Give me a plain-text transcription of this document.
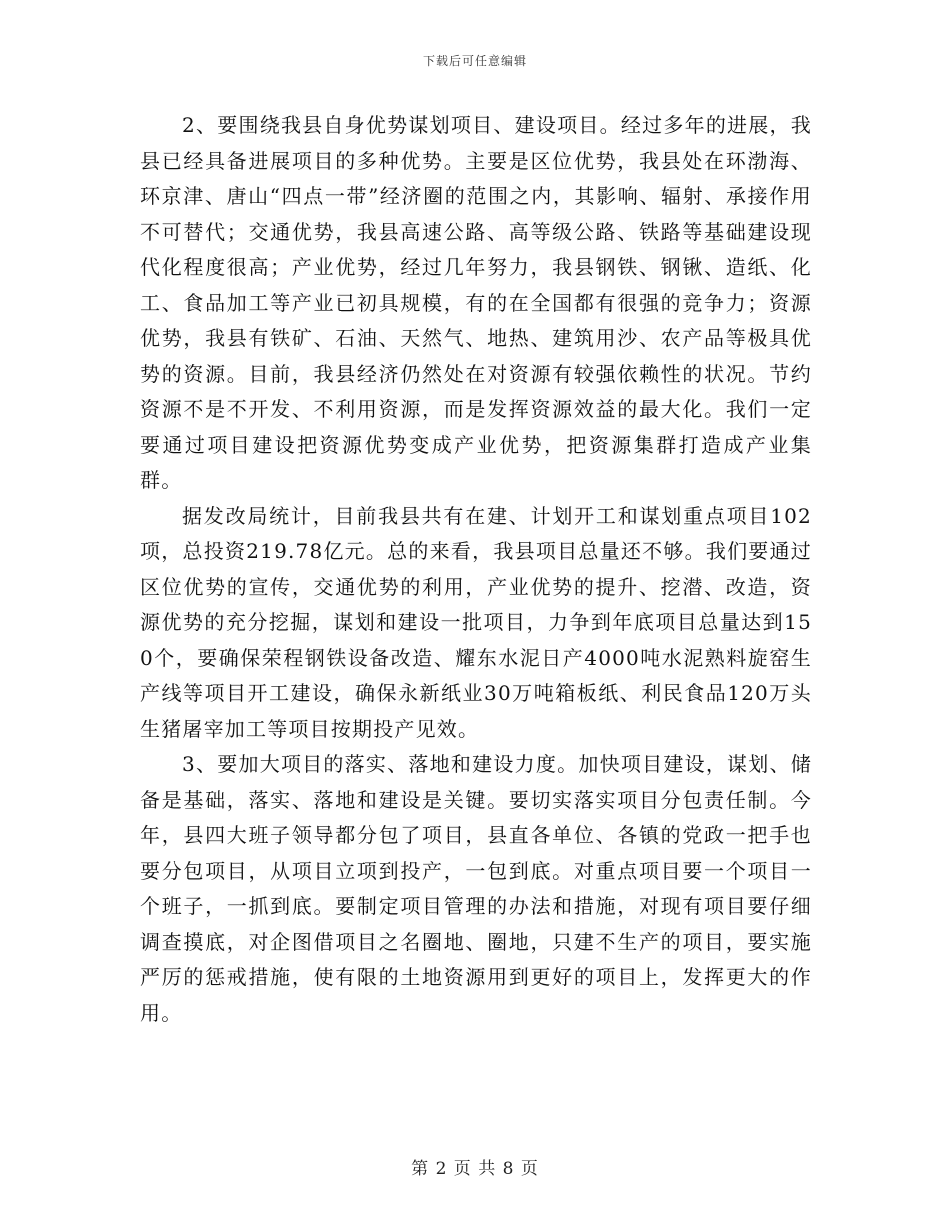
下载后可任意编辑

2、要围绕我县自身优势谋划项目、建设项目。经过多年的进展，我县已经具备进展项目的多种优势。主要是区位优势，我县处在环渤海、环京津、唐山“四点一带”经济圈的范围之内，其影响、辐射、承接作用不可替代；交通优势，我县高速公路、高等级公路、铁路等基础建设现代化程度很高；产业优势，经过几年努力，我县钢铁、钢锹、造纸、化工、食品加工等产业已初具规模，有的在全国都有很强的竞争力；资源优势，我县有铁矿、石油、天然气、地热、建筑用沙、农产品等极具优势的资源。目前，我县经济仍然处在对资源有较强依赖性的状况。节约资源不是不开发、不利用资源，而是发挥资源效益的最大化。我们一定要通过项目建设把资源优势变成产业优势，把资源集群打造成产业集群。

据发改局统计，目前我县共有在建、计划开工和谋划重点项目102项，总投资219.78亿元。总的来看，我县项目总量还不够。我们要通过区位优势的宣传，交通优势的利用，产业优势的提升、挖潜、改造，资源优势的充分挖掘，谋划和建设一批项目，力争到年底项目总量达到150个，要确保荣程钢铁设备改造、耀东水泥日产4000吨水泥熟料旋窑生产线等项目开工建设，确保永新纸业30万吨箱板纸、利民食品120万头生猪屠宰加工等项目按期投产见效。

3、要加大项目的落实、落地和建设力度。加快项目建设，谋划、储备是基础，落实、落地和建设是关键。要切实落实项目分包责任制。今年，县四大班子领导都分包了项目，县直各单位、各镇的党政一把手也要分包项目，从项目立项到投产，一包到底。对重点项目要一个项目一个班子，一抓到底。要制定项目管理的办法和措施，对现有项目要仔细调查摸底，对企图借项目之名圈地、圈地，只建不生产的项目，要实施严厉的惩戒措施，使有限的土地资源用到更好的项目上，发挥更大的作用。

第 2 页 共 8 页
